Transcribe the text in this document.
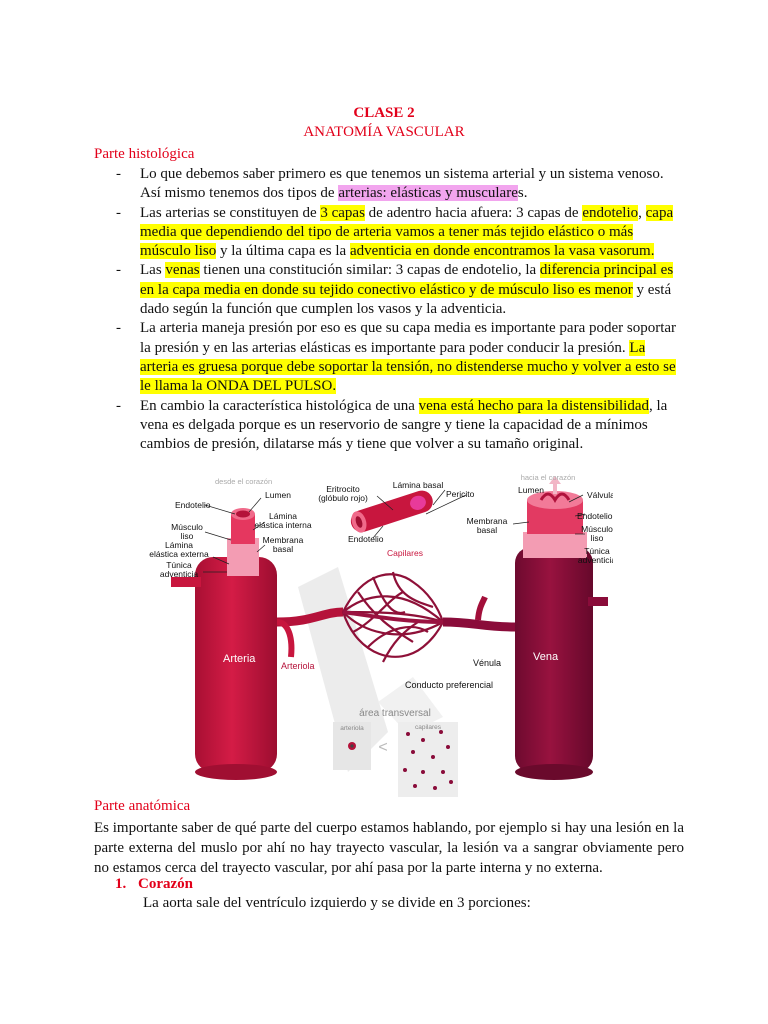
CLASE 2
ANATOMÍA VASCULAR
Parte histológica
- Lo que debemos saber primero es que tenemos un sistema arterial y un sistema venoso. Así mismo tenemos dos tipos de arterias: elásticas y musculares.
- Las arterias se constituyen de 3 capas de adentro hacia afuera: 3 capas de endotelio, capa media que dependiendo del tipo de arteria vamos a tener más tejido elástico o más músculo liso y la última capa es la adventicia en donde encontramos la vasa vasorum.
- Las venas tienen una constitución similar: 3 capas de endotelio, la diferencia principal es en la capa media en donde su tejido conectivo elástico y de músculo liso es menor y está dado según la función que cumplen los vasos y la adventicia.
- La arteria maneja presión por eso es que su capa media es importante para poder soportar la presión y en las arterias elásticas es importante para poder conducir la presión. La arteria es gruesa porque debe soportar la tensión, no distenderse mucho y volver a esto se le llama la ONDA DEL PULSO.
- En cambio la característica histológica de una vena está hecho para la distensibilidad, la vena es delgada porque es un reservorio de sangre y tiene la capacidad de a mínimos cambios de presión, dilatarse más y tiene que volver a su tamaño original.
desde el corazón
Endotelio
Lumen
Lámina
elástica interna
Músculo
liso	Membrana
basal
Lámina
elástica externa
Túnica
adventicia
Eritrocito
(glóbulo rojo)
Lámina basal
Pericito
Endotelio
Capilares
hacia el corazón
Lumen	Válvula
Endotelio
Membrana
basal	Músculo
liso
Túnica
adventicia
Arteria
Arteriola
Vena
Vénula
Conducto preferencial
área transversal
arteriola	capilares
<
Parte anatómica
Es importante saber de qué parte del cuerpo estamos hablando, por ejemplo si hay una lesión en la parte externa del muslo por ahí no hay trayecto vascular, la lesión va a sangrar obviamente pero no estamos cerca del trayecto vascular, por ahí pasa por la parte interna y no externa.
1. Corazón
La aorta sale del ventrículo izquierdo y se divide en 3 porciones:
